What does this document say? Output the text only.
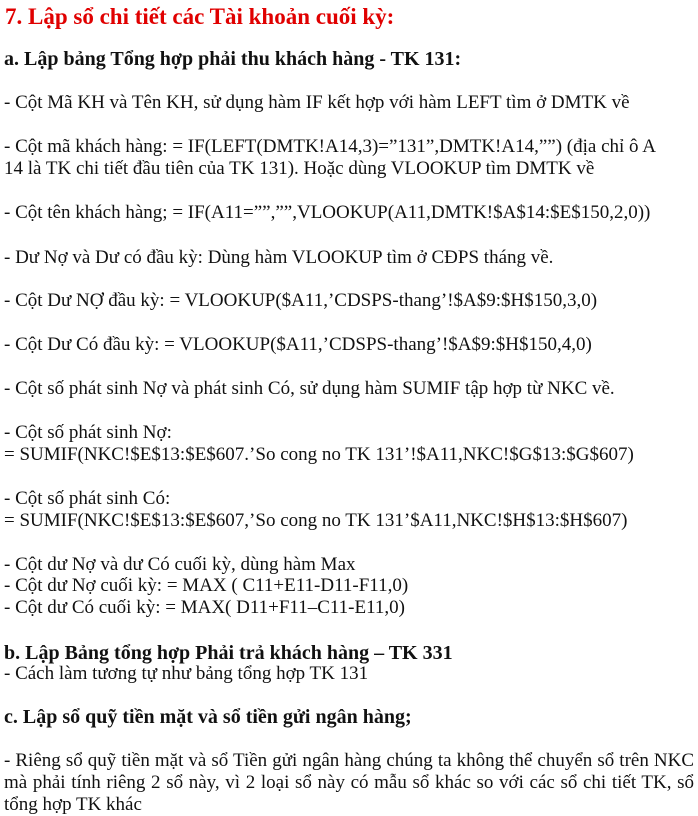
7. Lập sổ chi tiết các Tài khoản cuối kỳ:
a. Lập bảng Tổng hợp phải thu khách hàng - TK 131:
- Cột Mã KH và Tên KH, sử dụng hàm IF kết hợp với hàm LEFT tìm ở DMTK về
- Cột mã khách hàng: = IF(LEFT(DMTK!A14,3)=”131”,DMTK!A14,””) (địa chỉ ô A
14 là TK chi tiết đầu tiên của TK 131). Hoặc dùng VLOOKUP tìm DMTK về
- Cột tên khách hàng; = IF(A11=””,””,VLOOKUP(A11,DMTK!$A$14:$E$150,2,0))
- Dư Nợ và Dư có đầu kỳ: Dùng hàm VLOOKUP tìm ở CĐPS tháng về.
- Cột Dư NỢ đầu kỳ: = VLOOKUP($A11,’CDSPS-thang’!$A$9:$H$150,3,0)
- Cột Dư Có đầu kỳ: = VLOOKUP($A11,’CDSPS-thang’!$A$9:$H$150,4,0)
- Cột số phát sinh Nợ và phát sinh Có, sử dụng hàm SUMIF tập hợp từ NKC về.
- Cột số phát sinh Nợ:
= SUMIF(NKC!$E$13:$E$607.’So cong no TK 131’!$A11,NKC!$G$13:$G$607)
- Cột số phát sinh Có:
= SUMIF(NKC!$E$13:$E$607,’So cong no TK 131’$A11,NKC!$H$13:$H$607)
- Cột dư Nợ và dư Có cuối kỳ, dùng hàm Max
- Cột dư Nợ cuối kỳ: = MAX ( C11+E11-D11-F11,0)
- Cột dư Có cuối kỳ: = MAX( D11+F11–C11-E11,0)
b. Lập Bảng tổng hợp Phải trả khách hàng – TK 331
- Cách làm tương tự như bảng tổng hợp TK 131
c. Lập sổ quỹ tiền mặt và sổ tiền gửi ngân hàng;
- Riêng sổ quỹ tiền mặt và sổ Tiền gửi ngân hàng chúng ta không thể chuyển sổ trên NKC mà phải tính riêng 2 sổ này, vì 2 loại sổ này có mẫu sổ khác so với các sổ chi tiết TK, sổ tổng hợp TK khác
